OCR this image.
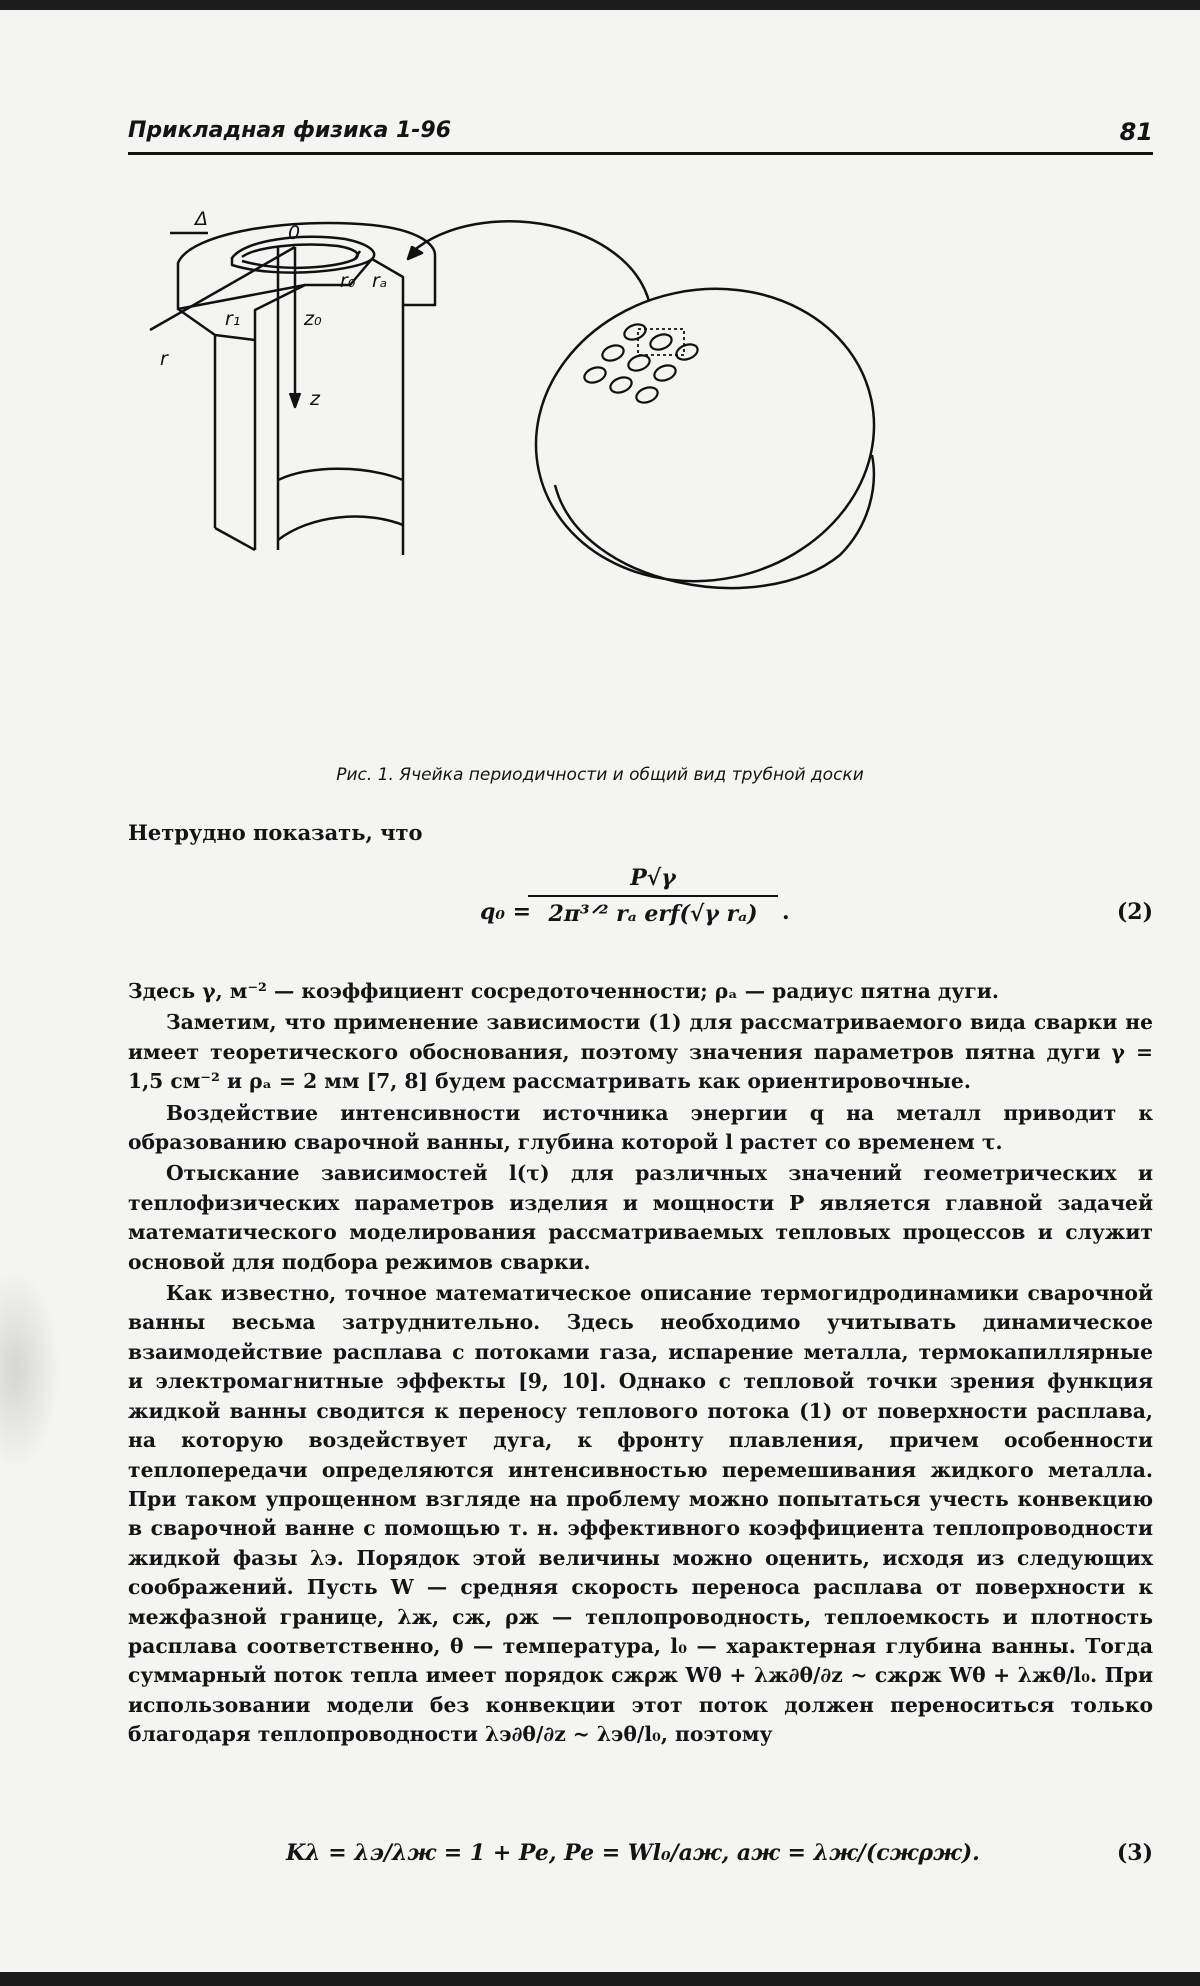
Прикладная физика 1-96	81
Δ
0
r₀ rₐ
r₁	z₀
r
z
Рис. 1. Ячейка периодичности и общий вид трубной доски
Нетрудно показать, что
q₀ =
P√γ
2π³ᐟ² rₐ erf(√γ rₐ)	.	(2)

Здесь γ, м⁻² — коэффициент сосредоточенности; ρₐ — радиус пятна дуги.

Заметим, что применение зависимости (1) для рассматриваемого вида сварки не имеет теоретического обоснования, поэтому значения параметров пятна дуги γ = 1,5 см⁻² и ρₐ = 2 мм [7, 8] будем рассматривать как ориентировочные.

Воздействие интенсивности источника энергии q на металл приводит к образованию сварочной ванны, глубина которой l растет со временем τ.

Отыскание зависимостей l(τ) для различных значений геометрических и теплофизических параметров изделия и мощности P является главной задачей математического моделирования рассматриваемых тепловых процессов и служит основой для подбора режимов сварки.

Как известно, точное математическое описание термогидродинамики сварочной ванны весьма затруднительно. Здесь необходимо учитывать динамическое взаимодействие расплава с потоками газа, испарение металла, термокапиллярные и электромагнитные эффекты [9, 10]. Однако с тепловой точки зрения функция жидкой ванны сводится к переносу теплового потока (1) от поверхности расплава, на которую воздействует дуга, к фронту плавления, причем особенности теплопередачи определяются интенсивностью перемешивания жидкого металла. При таком упрощенном взгляде на проблему можно попытаться учесть конвекцию в сварочной ванне с помощью т. н. эффективного коэффициента теплопроводности жидкой фазы λэ. Порядок этой величины можно оценить, исходя из следующих соображений. Пусть W — средняя скорость переноса расплава от поверхности к межфазной границе, λж, cж, ρж — теплопроводность, теплоемкость и плотность расплава соответственно, θ — температура, l₀ — характерная глубина ванны. Тогда суммарный поток тепла имеет порядок cжρж Wθ + λж∂θ/∂z ~ cжρж Wθ + λжθ/l₀. При использовании модели без конвекции этот поток должен переноситься только благодаря теплопроводности λэ∂θ/∂z ~ λэθ/l₀, поэтому

Kλ = λэ/λж = 1 + Pe, Pe = Wl₀/aж, aж = λж/(cжρж).	(3)
